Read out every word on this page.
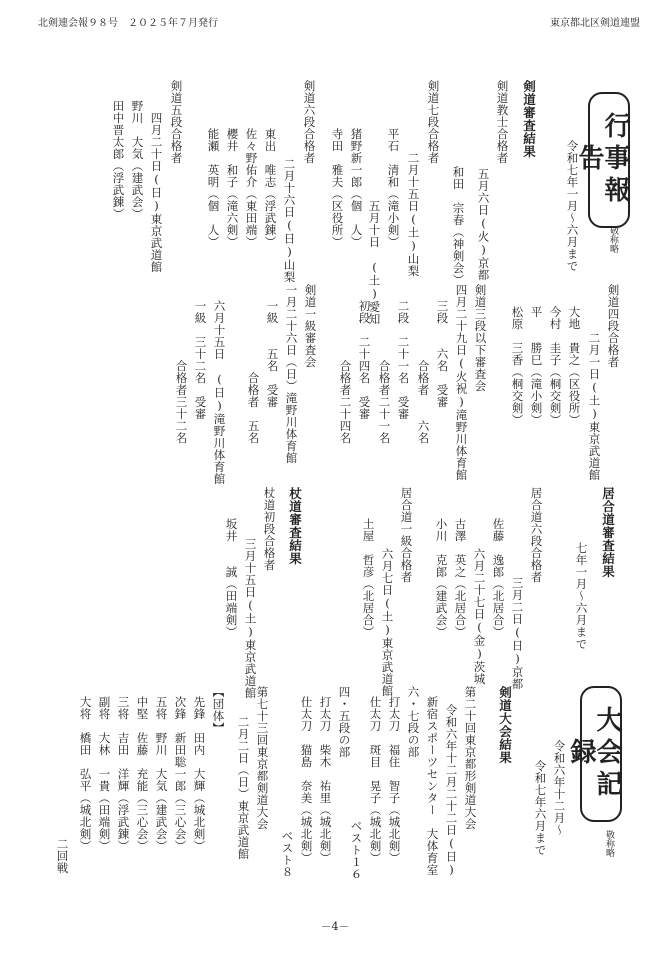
北剣連会報９８号　２０２５年７月発行	東京都北区剣道連盟
行事報告
敬称略
令和七年一月〜六月まで
剣道審査結果
剣道教士合格者
五月六日(火)京都
和田　宗春（神剣会）
剣道七段合格者
二月十五日(土)山梨
平石　清和（滝小剣）
五月十日　(土)愛知
猪野新一郎（個　人）
寺田　雅夫（区役所）
剣道六段合格者
二月十六日(日)山梨
東出　唯志（浮武錬）
佐々野佑介（東田端）
櫻井　和子（滝六剣）
能瀬　英明（個　人）
剣道五段合格者
四月二十日(日)東京武道館
野川　大気（建武会）
田中晋太郎（浮武錬）
剣道四段合格者
二月一日(土)東京武道館
大地　貴之（区役所）
今村　圭子（桐交剣）
平　　勝巳（滝小剣）
松原　三香（桐交剣）
剣道三段以下審査会
四月二十九日(火祝)滝野川体育館
三段　　六名　受審
合格者　　六名
二段　二十一名　受審
合格者二十一名
初段　二十四名　受審
合格者二十四名
剣道一級審査会
一月二十六日（日）滝野川体育館
一級　　五名　受審
合格者　五名
六月十五日　(日)滝野川体育館
一級　三十二名　受審
合格者三十二名
居合道審査結果
七年一月〜六月まで
居合道六段合格者
三月二日(日)京都
佐藤　逸郎（北居合）
六月二十七日(金)茨城
古澤　英之（北居合）
小川　克郎（建武会）
居合道一級合格者
六月七日(土)東京武道館
土屋　哲彦（北居合）
杖道審査結果
杖道初段合格者
三月十五日(土)東京武道館
坂井　　誠（田端剣）
大会記録
敬称略
令和六年十二月〜
令和七年六月まで
剣道大会結果
第二十回東京都形剣道大会
令和六年十二月二十二日(日)
新宿スポーツセンター　大体育室
六・七段の部
打太刀　福住　智子（城北剣）
仕太刀　斑目　晃子（城北剣）
ベスト１６
四・五段の部
打太刀　柴木　祐里（城北剣）
仕太刀　猫島　奈美（城北剣）
ベスト８
第七十三回東京都剣道大会
二月二日（日）東京武道館
【団体】
先鋒　田内　大輝（城北剣）
次鋒　新田聡一郎（三心会）
五将　野川　大気（建武会）
中堅　佐藤　充能（三心会）
三将　吉田　洋輝（浮武錬）
副将　大林　一貴（田端剣）
大将　橋田　弘平（城北剣）
二回戦
－4－
